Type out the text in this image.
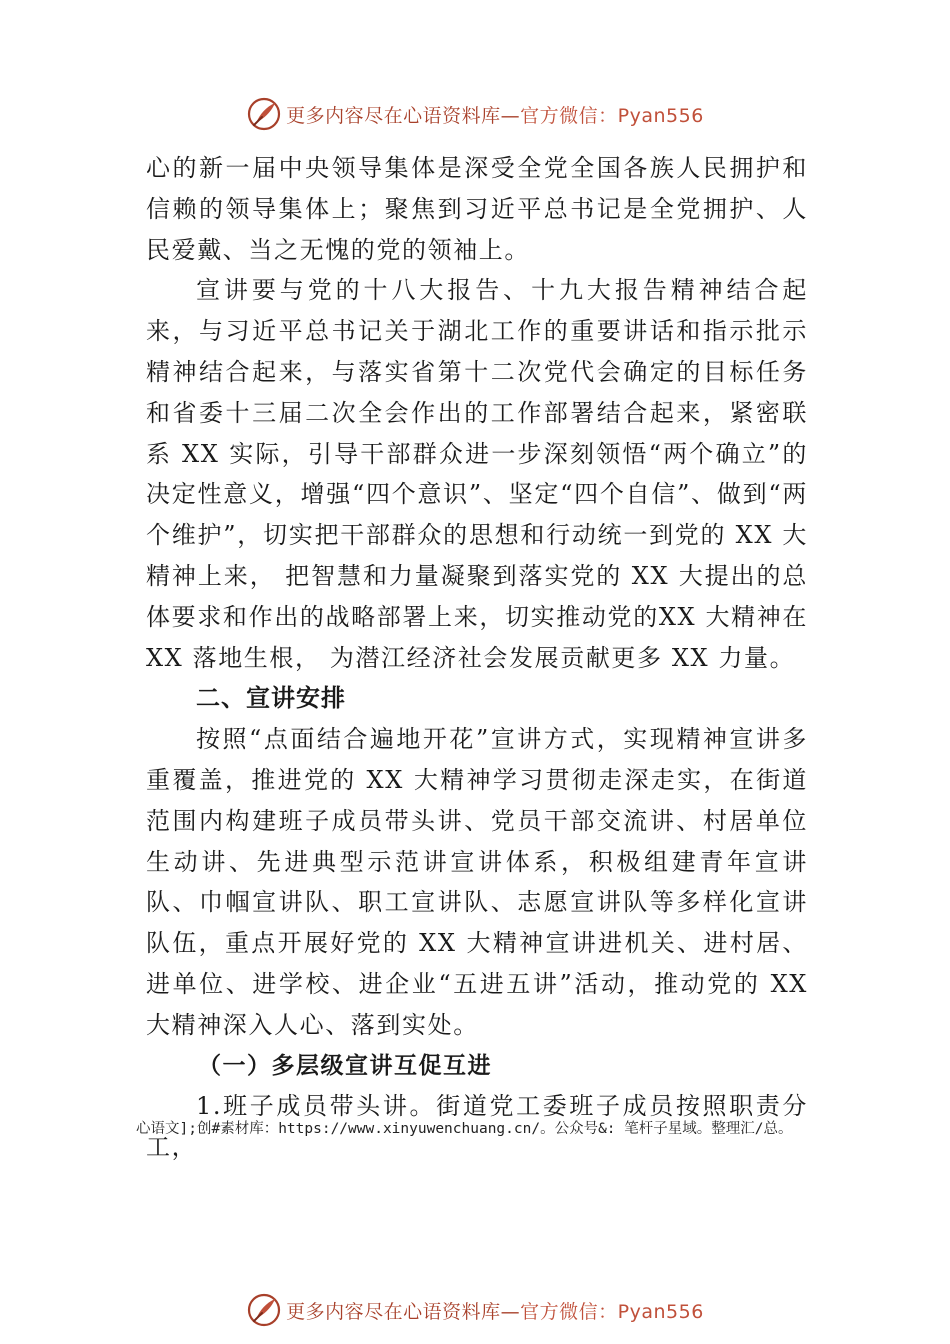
更多内容尽在心语资料库—官方微信：Pyan556

心的新一届中央领导集体是深受全党全国各族人民拥护和信赖的领导集体上；聚焦到习近平总书记是全党拥护、人民爱戴、当之无愧的党的领袖上。

宣讲要与党的十八大报告、十九大报告精神结合起来，与习近平总书记关于湖北工作的重要讲话和指示批示精神结合起来，与落实省第十二次党代会确定的目标任务和省委十三届二次全会作出的工作部署结合起来，紧密联系 XX 实际，引导干部群众进一步深刻领悟“两个确立”的决定性意义，增强“四个意识”、坚定“四个自信”、做到“两个维护”，切实把干部群众的思想和行动统一到党的 XX 大精神上来， 把智慧和力量凝聚到落实党的 XX 大提出的总体要求和作出的战略部署上来，切实推动党的XX 大精神在XX 落地生根， 为潜江经济社会发展贡献更多 XX 力量。

二、宣讲安排

按照“点面结合遍地开花”宣讲方式，实现精神宣讲多重覆盖，推进党的 XX 大精神学习贯彻走深走实，在街道范围内构建班子成员带头讲、党员干部交流讲、村居单位生动讲、先进典型示范讲宣讲体系，积极组建青年宣讲队、巾帼宣讲队、职工宣讲队、志愿宣讲队等多样化宣讲队伍，重点开展好党的 XX 大精神宣讲进机关、进村居、进单位、进学校、进企业“五进五讲”活动，推动党的 XX 大精神深入人心、落到实处。

（一）多层级宣讲互促互进

1.班子成员带头讲。街道党工委班子成员按照职责分工，

心语文];创#素材库：https://www.xinyuwenchuang.cn/。公众号&: 笔杆子星域。整理汇/总。
更多内容尽在心语资料库—官方微信：Pyan556
